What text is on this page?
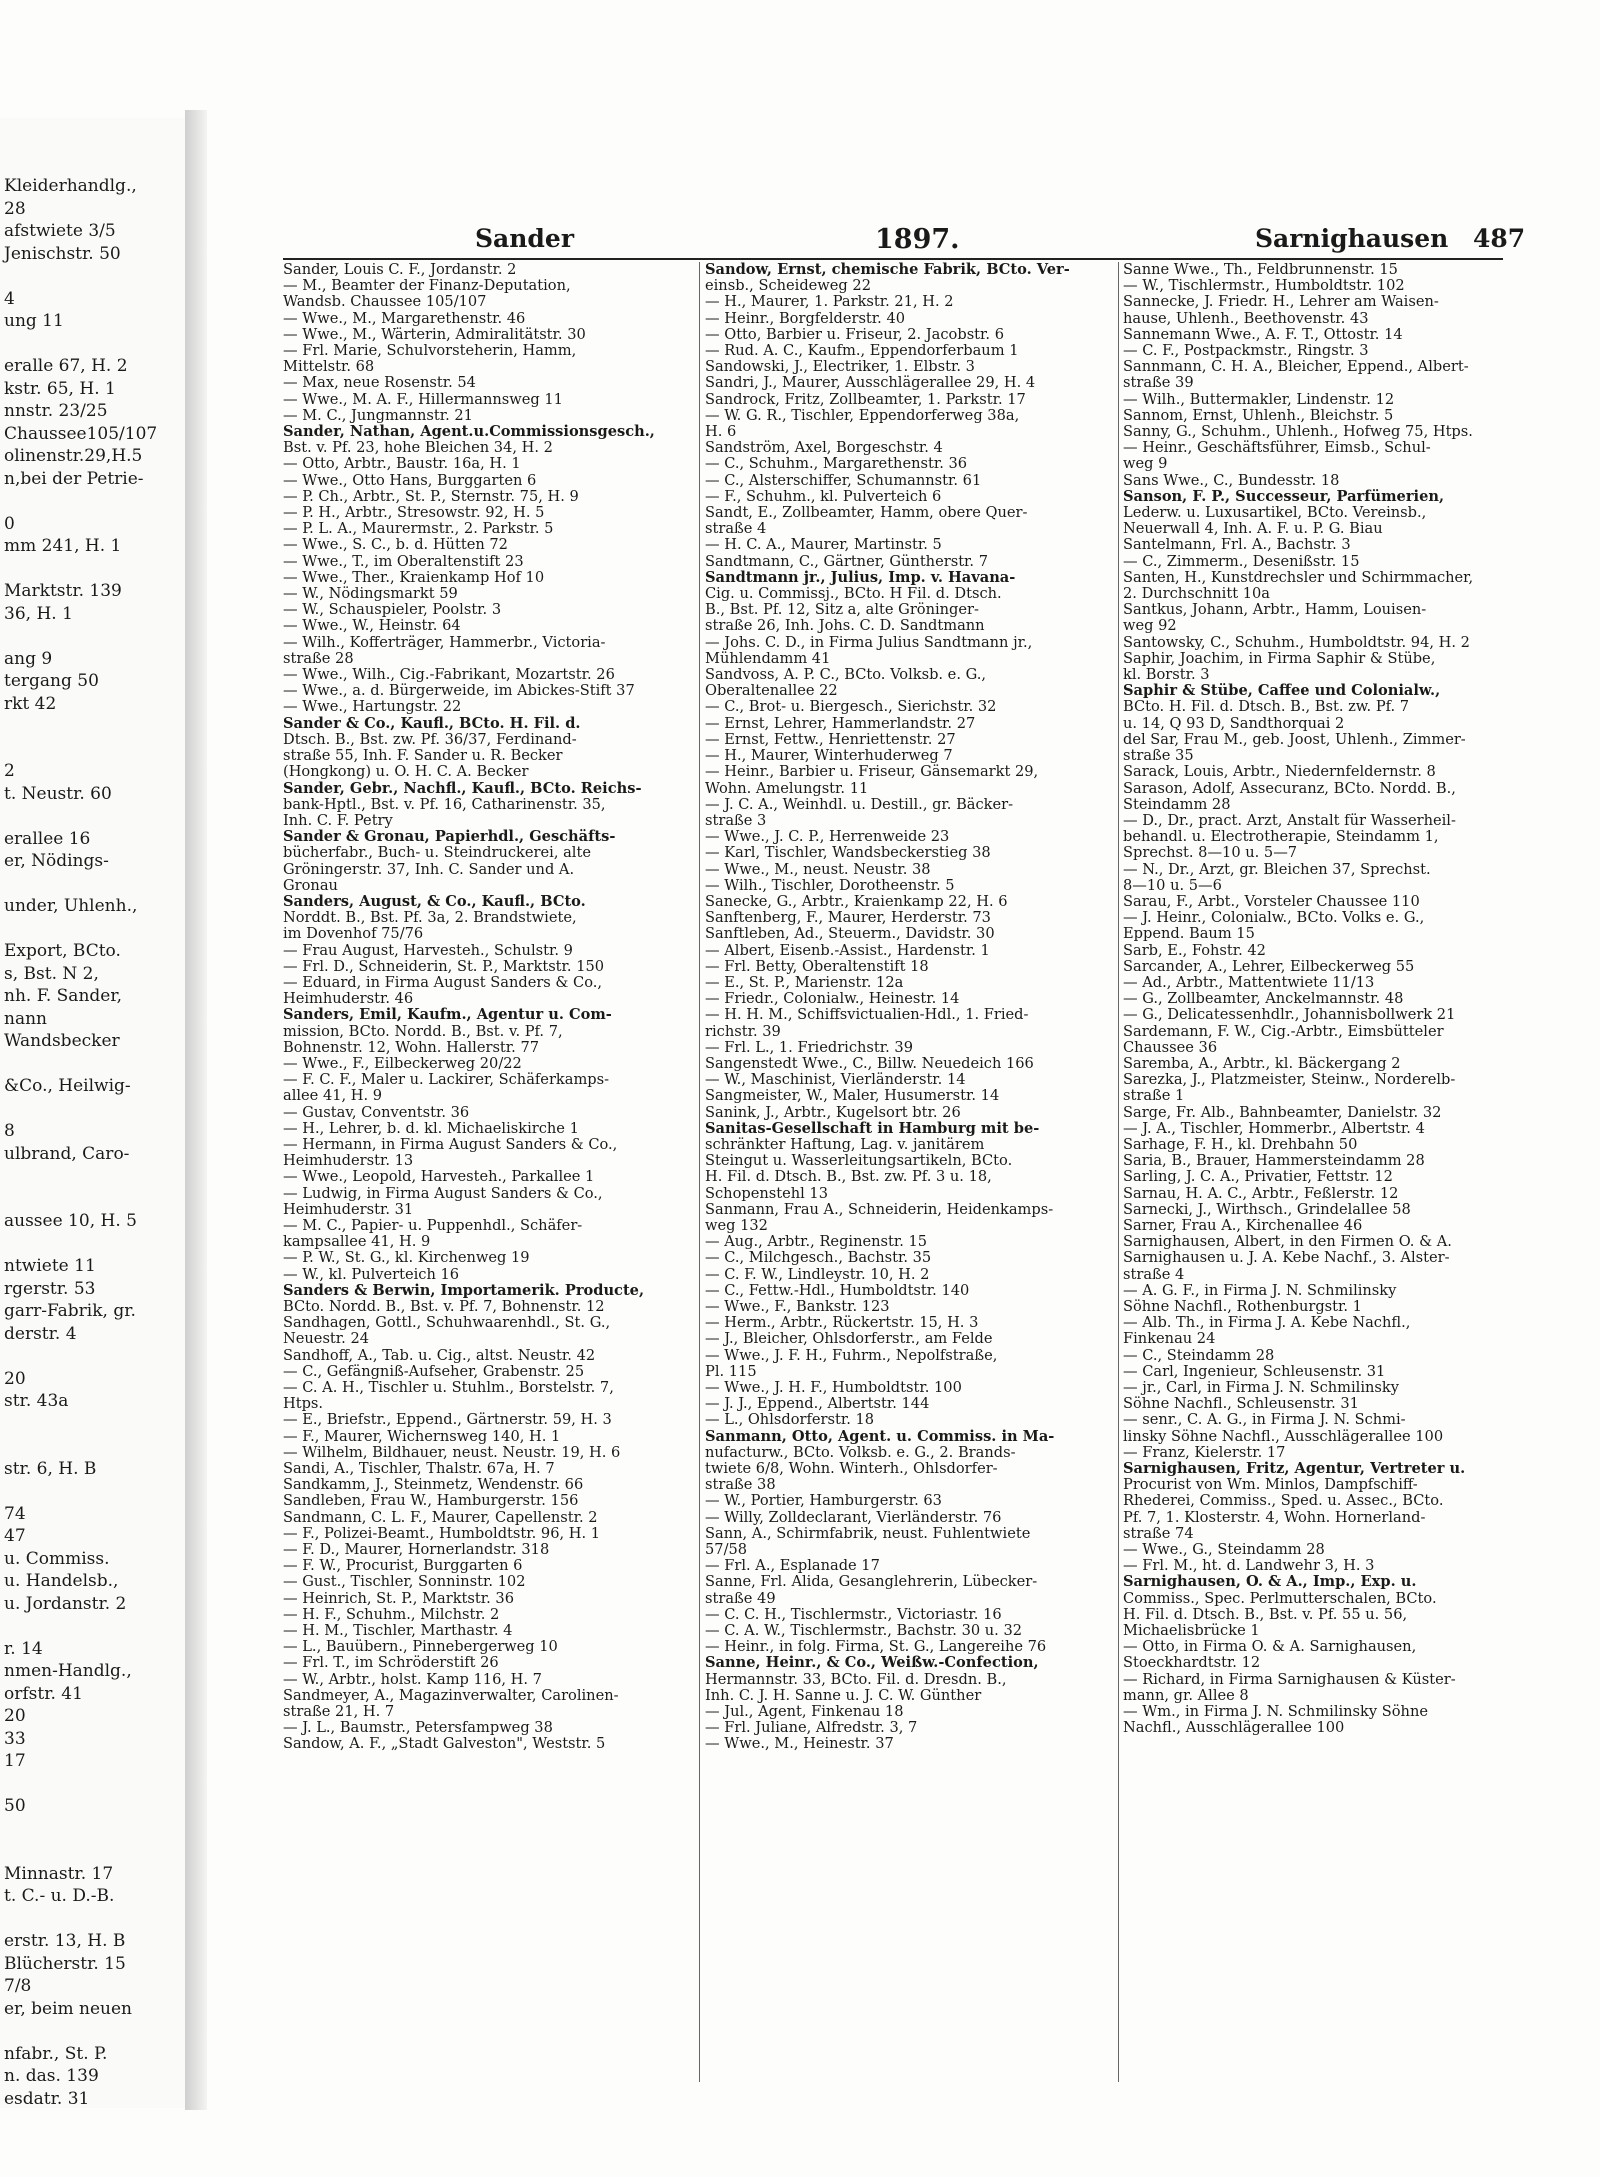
Kleiderhandlg.,
28
afstwiete 3/5
Jenischstr. 50
4
ung 11
eralle 67, H. 2
kstr. 65, H. 1
nnstr. 23/25
Chaussee105/107
olinenstr.29,H.5
n,bei der Petrie-
0
mm 241, H. 1
Marktstr. 139
36, H. 1
ang 9
tergang 50
rkt 42
2
t. Neustr. 60
erallee 16
er, Nödings-
under, Uhlenh.,
Export, BCto.
s, Bst. N 2,
nh. F. Sander,
nann
Wandsbecker
&Co., Heilwig-
8
ulbrand, Caro-
aussee 10, H. 5
ntwiete 11
rgerstr. 53
garr-Fabrik, gr.
derstr. 4
20
str. 43a
str. 6, H. B
74
47
u. Commiss.
u. Handelsb.,
u. Jordanstr. 2
r. 14
nmen-Handlg.,
orfstr. 41
20
33
17
50
Minnastr. 17
t. C.- u. D.-B.
erstr. 13, H. B
Blücherstr. 15
7/8
er, beim neuen
nfabr., St. P.
n. das. 139
esdatr. 31
Sander	1897.	Sarnighausen 487
Sander, Louis C. F., Jordanstr. 2
— M., Beamter der Finanz-Deputation,
Wandsb. Chaussee 105/107
— Wwe., M., Margarethenstr. 46
— Wwe., M., Wärterin, Admiralitätstr. 30
— Frl. Marie, Schulvorsteherin, Hamm,
Mittelstr. 68
— Max, neue Rosenstr. 54
— Wwe., M. A. F., Hillermannsweg 11
— M. C., Jungmannstr. 21
Sander, Nathan, Agent.u.Commissionsgesch.,
Bst. v. Pf. 23, hohe Bleichen 34, H. 2
— Otto, Arbtr., Baustr. 16a, H. 1
— Wwe., Otto Hans, Burggarten 6
— P. Ch., Arbtr., St. P., Sternstr. 75, H. 9
— P. H., Arbtr., Stresowstr. 92, H. 5
— P. L. A., Maurermstr., 2. Parkstr. 5
— Wwe., S. C., b. d. Hütten 72
— Wwe., T., im Oberaltenstift 23
— Wwe., Ther., Kraienkamp Hof 10
— W., Nödingsmarkt 59
— W., Schauspieler, Poolstr. 3
— Wwe., W., Heinstr. 64
— Wilh., Kofferträger, Hammerbr., Victoria-
straße 28
— Wwe., Wilh., Cig.-Fabrikant, Mozartstr. 26
— Wwe., a. d. Bürgerweide, im Abickes-Stift 37
— Wwe., Hartungstr. 22
Sander & Co., Kaufl., BCto. H. Fil. d.
Dtsch. B., Bst. zw. Pf. 36/37, Ferdinand-
straße 55, Inh. F. Sander u. R. Becker
(Hongkong) u. O. H. C. A. Becker
Sander, Gebr., Nachfl., Kaufl., BCto. Reichs-
bank-Hptl., Bst. v. Pf. 16, Catharinenstr. 35,
Inh. C. F. Petry
Sander & Gronau, Papierhdl., Geschäfts-
bücherfabr., Buch- u. Steindruckerei, alte
Gröningerstr. 37, Inh. C. Sander und A.
Gronau
Sanders, August, & Co., Kaufl., BCto.
Norddt. B., Bst. Pf. 3a, 2. Brandstwiete,
im Dovenhof 75/76
— Frau August, Harvesteh., Schulstr. 9
— Frl. D., Schneiderin, St. P., Marktstr. 150
— Eduard, in Firma August Sanders & Co.,
Heimhuderstr. 46
Sanders, Emil, Kaufm., Agentur u. Com-
mission, BCto. Nordd. B., Bst. v. Pf. 7,
Bohnenstr. 12, Wohn. Hallerstr. 77
— Wwe., F., Eilbeckerweg 20/22
— F. C. F., Maler u. Lackirer, Schäferkamps-
allee 41, H. 9
— Gustav, Conventstr. 36
— H., Lehrer, b. d. kl. Michaeliskirche 1
— Hermann, in Firma August Sanders & Co.,
Heimhuderstr. 13
— Wwe., Leopold, Harvesteh., Parkallee 1
— Ludwig, in Firma August Sanders & Co.,
Heimhuderstr. 31
— M. C., Papier- u. Puppenhdl., Schäfer-
kampsallee 41, H. 9
— P. W., St. G., kl. Kirchenweg 19
— W., kl. Pulverteich 16
Sanders & Berwin, Importamerik. Producte,
BCto. Nordd. B., Bst. v. Pf. 7, Bohnenstr. 12
Sandhagen, Gottl., Schuhwaarenhdl., St. G.,
Neuestr. 24
Sandhoff, A., Tab. u. Cig., altst. Neustr. 42
— C., Gefängniß-Aufseher, Grabenstr. 25
— C. A. H., Tischler u. Stuhlm., Borstelstr. 7,
Htps.
— E., Briefstr., Eppend., Gärtnerstr. 59, H. 3
— F., Maurer, Wichernsweg 140, H. 1
— Wilhelm, Bildhauer, neust. Neustr. 19, H. 6
Sandi, A., Tischler, Thalstr. 67a, H. 7
Sandkamm, J., Steinmetz, Wendenstr. 66
Sandleben, Frau W., Hamburgerstr. 156
Sandmann, C. L. F., Maurer, Capellenstr. 2
— F., Polizei-Beamt., Humboldtstr. 96, H. 1
— F. D., Maurer, Hornerlandstr. 318
— F. W., Procurist, Burggarten 6
— Gust., Tischler, Sonninstr. 102
— Heinrich, St. P., Marktstr. 36
— H. F., Schuhm., Milchstr. 2
— H. M., Tischler, Marthastr. 4
— L., Bauübern., Pinnebergerweg 10
— Frl. T., im Schröderstift 26
— W., Arbtr., holst. Kamp 116, H. 7
Sandmeyer, A., Magazinverwalter, Carolinen-
straße 21, H. 7
— J. L., Baumstr., Petersfampweg 38
Sandow, A. F., „Stadt Galveston", Weststr. 5
Sandow, Ernst, chemische Fabrik, BCto. Ver-
einsb., Scheideweg 22
— H., Maurer, 1. Parkstr. 21, H. 2
— Heinr., Borgfelderstr. 40
— Otto, Barbier u. Friseur, 2. Jacobstr. 6
— Rud. A. C., Kaufm., Eppendorferbaum 1
Sandowski, J., Electriker, 1. Elbstr. 3
Sandri, J., Maurer, Ausschlägerallee 29, H. 4
Sandrock, Fritz, Zollbeamter, 1. Parkstr. 17
— W. G. R., Tischler, Eppendorferweg 38a,
H. 6
Sandström, Axel, Borgeschstr. 4
— C., Schuhm., Margarethenstr. 36
— C., Alsterschiffer, Schumannstr. 61
— F., Schuhm., kl. Pulverteich 6
Sandt, E., Zollbeamter, Hamm, obere Quer-
straße 4
— H. C. A., Maurer, Martinstr. 5
Sandtmann, C., Gärtner, Güntherstr. 7
Sandtmann jr., Julius, Imp. v. Havana-
Cig. u. Commissj., BCto. H Fil. d. Dtsch.
B., Bst. Pf. 12, Sitz a, alte Gröninger-
straße 26, Inh. Johs. C. D. Sandtmann
— Johs. C. D., in Firma Julius Sandtmann jr.,
Mühlendamm 41
Sandvoss, A. P. C., BCto. Volksb. e. G.,
Oberaltenallee 22
— C., Brot- u. Biergesch., Sierichstr. 32
— Ernst, Lehrer, Hammerlandstr. 27
— Ernst, Fettw., Henriettenstr. 27
— H., Maurer, Winterhuderweg 7
— Heinr., Barbier u. Friseur, Gänsemarkt 29,
Wohn. Amelungstr. 11
— J. C. A., Weinhdl. u. Destill., gr. Bäcker-
straße 3
— Wwe., J. C. P., Herrenweide 23
— Karl, Tischler, Wandsbeckerstieg 38
— Wwe., M., neust. Neustr. 38
— Wilh., Tischler, Dorotheenstr. 5
Sanecke, G., Arbtr., Kraienkamp 22, H. 6
Sanftenberg, F., Maurer, Herderstr. 73
Sanftleben, Ad., Steuerm., Davidstr. 30
— Albert, Eisenb.-Assist., Hardenstr. 1
— Frl. Betty, Oberaltenstift 18
— E., St. P., Marienstr. 12a
— Friedr., Colonialw., Heinestr. 14
— H. H. M., Schiffsvictualien-Hdl., 1. Fried-
richstr. 39
— Frl. L., 1. Friedrichstr. 39
Sangenstedt Wwe., C., Billw. Neuedeich 166
— W., Maschinist, Vierländerstr. 14
Sangmeister, W., Maler, Husumerstr. 14
Sanink, J., Arbtr., Kugelsort btr. 26
Sanitas-Gesellschaft in Hamburg mit be-
schränkter Haftung, Lag. v. janitärem
Steingut u. Wasserleitungsartikeln, BCto.
H. Fil. d. Dtsch. B., Bst. zw. Pf. 3 u. 18,
Schopenstehl 13
Sanmann, Frau A., Schneiderin, Heidenkamps-
weg 132
— Aug., Arbtr., Reginenstr. 15
— C., Milchgesch., Bachstr. 35
— C. F. W., Lindleystr. 10, H. 2
— C., Fettw.-Hdl., Humboldtstr. 140
— Wwe., F., Bankstr. 123
— Herm., Arbtr., Rückertstr. 15, H. 3
— J., Bleicher, Ohlsdorferstr., am Felde
— Wwe., J. F. H., Fuhrm., Nepolfstraße,
Pl. 115
— Wwe., J. H. F., Humboldtstr. 100
— J. J., Eppend., Albertstr. 144
— L., Ohlsdorferstr. 18
Sanmann, Otto, Agent. u. Commiss. in Ma-
nufacturw., BCto. Volksb. e. G., 2. Brands-
twiete 6/8, Wohn. Winterh., Ohlsdorfer-
straße 38
— W., Portier, Hamburgerstr. 63
— Willy, Zolldeclarant, Vierländerstr. 76
Sann, A., Schirmfabrik, neust. Fuhlentwiete
57/58
— Frl. A., Esplanade 17
Sanne, Frl. Alida, Gesanglehrerin, Lübecker-
straße 49
— C. C. H., Tischlermstr., Victoriastr. 16
— C. A. W., Tischlermstr., Bachstr. 30 u. 32
— Heinr., in folg. Firma, St. G., Langereihe 76
Sanne, Heinr., & Co., Weißw.-Confection,
Hermannstr. 33, BCto. Fil. d. Dresdn. B.,
Inh. C. J. H. Sanne u. J. C. W. Günther
— Jul., Agent, Finkenau 18
— Frl. Juliane, Alfredstr. 3, 7
— Wwe., M., Heinestr. 37
Sanne Wwe., Th., Feldbrunnenstr. 15
— W., Tischlermstr., Humboldtstr. 102
Sannecke, J. Friedr. H., Lehrer am Waisen-
hause, Uhlenh., Beethovenstr. 43
Sannemann Wwe., A. F. T., Ottostr. 14
— C. F., Postpackmstr., Ringstr. 3
Sannmann, C. H. A., Bleicher, Eppend., Albert-
straße 39
— Wilh., Buttermakler, Lindenstr. 12
Sannom, Ernst, Uhlenh., Bleichstr. 5
Sanny, G., Schuhm., Uhlenh., Hofweg 75, Htps.
— Heinr., Geschäftsführer, Eimsb., Schul-
weg 9
Sans Wwe., C., Bundesstr. 18
Sanson, F. P., Successeur, Parfümerien,
Lederw. u. Luxusartikel, BCto. Vereinsb.,
Neuerwall 4, Inh. A. F. u. P. G. Biau
Santelmann, Frl. A., Bachstr. 3
— C., Zimmerm., Desenißstr. 15
Santen, H., Kunstdrechsler und Schirmmacher,
2. Durchschnitt 10a
Santkus, Johann, Arbtr., Hamm, Louisen-
weg 92
Santowsky, C., Schuhm., Humboldtstr. 94, H. 2
Saphir, Joachim, in Firma Saphir & Stübe,
kl. Borstr. 3
Saphir & Stübe, Caffee und Colonialw.,
BCto. H. Fil. d. Dtsch. B., Bst. zw. Pf. 7
u. 14, Q 93 D, Sandthorquai 2
del Sar, Frau M., geb. Joost, Uhlenh., Zimmer-
straße 35
Sarack, Louis, Arbtr., Niedernfeldernstr. 8
Sarason, Adolf, Assecuranz, BCto. Nordd. B.,
Steindamm 28
— D., Dr., pract. Arzt, Anstalt für Wasserheil-
behandl. u. Electrotherapie, Steindamm 1,
Sprechst. 8—10 u. 5—7
— N., Dr., Arzt, gr. Bleichen 37, Sprechst.
8—10 u. 5—6
Sarau, F., Arbt., Vorsteler Chaussee 110
— J. Heinr., Colonialw., BCto. Volks e. G.,
Eppend. Baum 15
Sarb, E., Fohstr. 42
Sarcander, A., Lehrer, Eilbeckerweg 55
— Ad., Arbtr., Mattentwiete 11/13
— G., Zollbeamter, Anckelmannstr. 48
— G., Delicatessenhdlr., Johannisbollwerk 21
Sardemann, F. W., Cig.-Arbtr., Eimsbütteler
Chaussee 36
Saremba, A., Arbtr., kl. Bäckergang 2
Sarezka, J., Platzmeister, Steinw., Norderelb-
straße 1
Sarge, Fr. Alb., Bahnbeamter, Danielstr. 32
— J. A., Tischler, Hommerbr., Albertstr. 4
Sarhage, F. H., kl. Drehbahn 50
Saria, B., Brauer, Hammersteindamm 28
Sarling, J. C. A., Privatier, Fettstr. 12
Sarnau, H. A. C., Arbtr., Feßlerstr. 12
Sarnecki, J., Wirthsch., Grindelallee 58
Sarner, Frau A., Kirchenallee 46
Sarnighausen, Albert, in den Firmen O. & A.
Sarnighausen u. J. A. Kebe Nachf., 3. Alster-
straße 4
— A. G. F., in Firma J. N. Schmilinsky
Söhne Nachfl., Rothenburgstr. 1
— Alb. Th., in Firma J. A. Kebe Nachfl.,
Finkenau 24
— C., Steindamm 28
— Carl, Ingenieur, Schleusenstr. 31
— jr., Carl, in Firma J. N. Schmilinsky
Söhne Nachfl., Schleusenstr. 31
— senr., C. A. G., in Firma J. N. Schmi-
linsky Söhne Nachfl., Ausschlägerallee 100
— Franz, Kielerstr. 17
Sarnighausen, Fritz, Agentur, Vertreter u.
Procurist von Wm. Minlos, Dampfschiff-
Rhederei, Commiss., Sped. u. Assec., BCto.
Pf. 7, 1. Klosterstr. 4, Wohn. Hornerland-
straße 74
— Wwe., G., Steindamm 28
— Frl. M., ht. d. Landwehr 3, H. 3
Sarnighausen, O. & A., Imp., Exp. u.
Commiss., Spec. Perlmutterschalen, BCto.
H. Fil. d. Dtsch. B., Bst. v. Pf. 55 u. 56,
Michaelisbrücke 1
— Otto, in Firma O. & A. Sarnighausen,
Stoeckhardtstr. 12
— Richard, in Firma Sarnighausen & Küster-
mann, gr. Allee 8
— Wm., in Firma J. N. Schmilinsky Söhne
Nachfl., Ausschlägerallee 100
